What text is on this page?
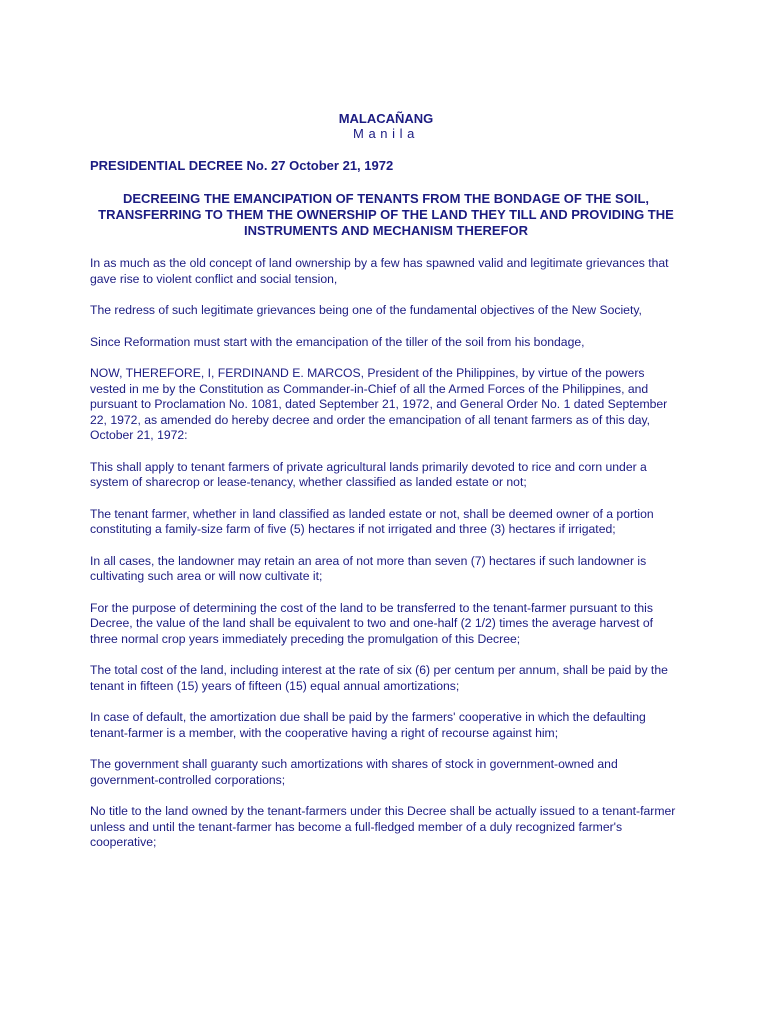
MALACAÑANG

Manila

PRESIDENTIAL DECREE No. 27 October 21, 1972

DECREEING THE EMANCIPATION OF TENANTS FROM THE BONDAGE OF THE SOIL, TRANSFERRING TO THEM THE OWNERSHIP OF THE LAND THEY TILL AND PROVIDING THE INSTRUMENTS AND MECHANISM THEREFOR

In as much as the old concept of land ownership by a few has spawned valid and legitimate grievances that gave rise to violent conflict and social tension,

The redress of such legitimate grievances being one of the fundamental objectives of the New Society,

Since Reformation must start with the emancipation of the tiller of the soil from his bondage,

NOW, THEREFORE, I, FERDINAND E. MARCOS, President of the Philippines, by virtue of the powers vested in me by the Constitution as Commander-in-Chief of all the Armed Forces of the Philippines, and pursuant to Proclamation No. 1081, dated September 21, 1972, and General Order No. 1 dated September 22, 1972, as amended do hereby decree and order the emancipation of all tenant farmers as of this day, October 21, 1972:

This shall apply to tenant farmers of private agricultural lands primarily devoted to rice and corn under a system of sharecrop or lease-tenancy, whether classified as landed estate or not;

The tenant farmer, whether in land classified as landed estate or not, shall be deemed owner of a portion constituting a family-size farm of five (5) hectares if not irrigated and three (3) hectares if irrigated;

In all cases, the landowner may retain an area of not more than seven (7) hectares if such landowner is cultivating such area or will now cultivate it;

For the purpose of determining the cost of the land to be transferred to the tenant-farmer pursuant to this Decree, the value of the land shall be equivalent to two and one-half (2 1/2) times the average harvest of three normal crop years immediately preceding the promulgation of this Decree;

The total cost of the land, including interest at the rate of six (6) per centum per annum, shall be paid by the tenant in fifteen (15) years of fifteen (15) equal annual amortizations;

In case of default, the amortization due shall be paid by the farmers' cooperative in which the defaulting tenant-farmer is a member, with the cooperative having a right of recourse against him;

The government shall guaranty such amortizations with shares of stock in government-owned and government-controlled corporations;

No title to the land owned by the tenant-farmers under this Decree shall be actually issued to a tenant-farmer unless and until the tenant-farmer has become a full-fledged member of a duly recognized farmer's cooperative;
